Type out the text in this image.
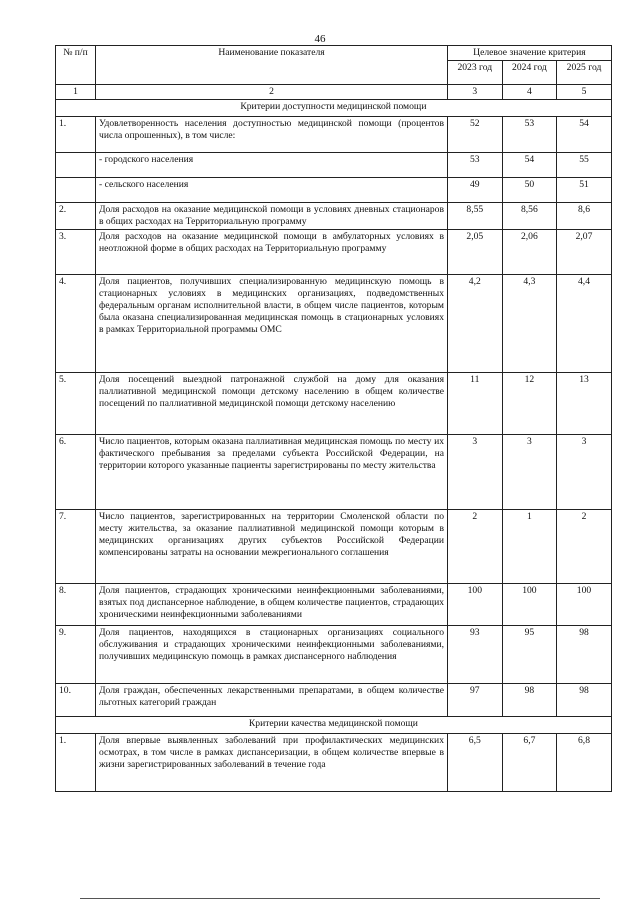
46
№ п/п	Наименование показателя	Целевое значение критерия		
		2023 год	2024 год	2025 год
1	2	3	4	5
Критерии доступности медицинской помощи				
1.	Удовлетворенность населения доступностью медицинской помощи (процентов числа опрошенных), в том числе:	52	53	54
	- городского населения	53	54	55
	- сельского населения	49	50	51
2.	Доля расходов на оказание медицинской помощи в условиях дневных стационаров в общих расходах на Территориальную программу	8,55	8,56	8,6
3.	Доля расходов на оказание медицинской помощи в амбулаторных условиях в неотложной форме в общих расходах на Территориальную программу	2,05	2,06	2,07
4.	Доля пациентов, получивших специализированную медицинскую помощь в стационарных условиях в медицинских организациях, подведомственных федеральным органам исполнительной власти, в общем числе пациентов, которым была оказана специализированная медицинская помощь в стационарных условиях в рамках Территориальной программы ОМС	4,2	4,3	4,4
5.	Доля посещений выездной патронажной службой на дому для оказания паллиативной медицинской помощи детскому населению в общем количестве посещений по паллиативной медицинской помощи детскому населению	11	12	13
6.	Число пациентов, которым оказана паллиативная медицинская помощь по месту их фактического пребывания за пределами субъекта Российской Федерации, на территории которого указанные пациенты зарегистрированы по месту жительства	3	3	3
7.	Число пациентов, зарегистрированных на территории Смоленской области по месту жительства, за оказание паллиативной медицинской помощи которым в медицинских организациях других субъектов Российской Федерации компенсированы затраты на основании межрегионального соглашения	2	1	2
8.	Доля пациентов, страдающих хроническими неинфекционными заболеваниями, взятых под диспансерное наблюдение, в общем количестве пациентов, страдающих хроническими неинфекционными заболеваниями	100	100	100
9.	Доля пациентов, находящихся в стационарных организациях социального обслуживания и страдающих хроническими неинфекционными заболеваниями, получивших медицинскую помощь в рамках диспансерного наблюдения	93	95	98
10.	Доля граждан, обеспеченных лекарственными препаратами, в общем количестве льготных категорий граждан	97	98	98
Критерии качества медицинской помощи				
1.	Доля впервые выявленных заболеваний при профилактических медицинских осмотрах, в том числе в рамках диспансеризации, в общем количестве впервые в жизни зарегистрированных заболеваний в течение года	6,5	6,7	6,8
